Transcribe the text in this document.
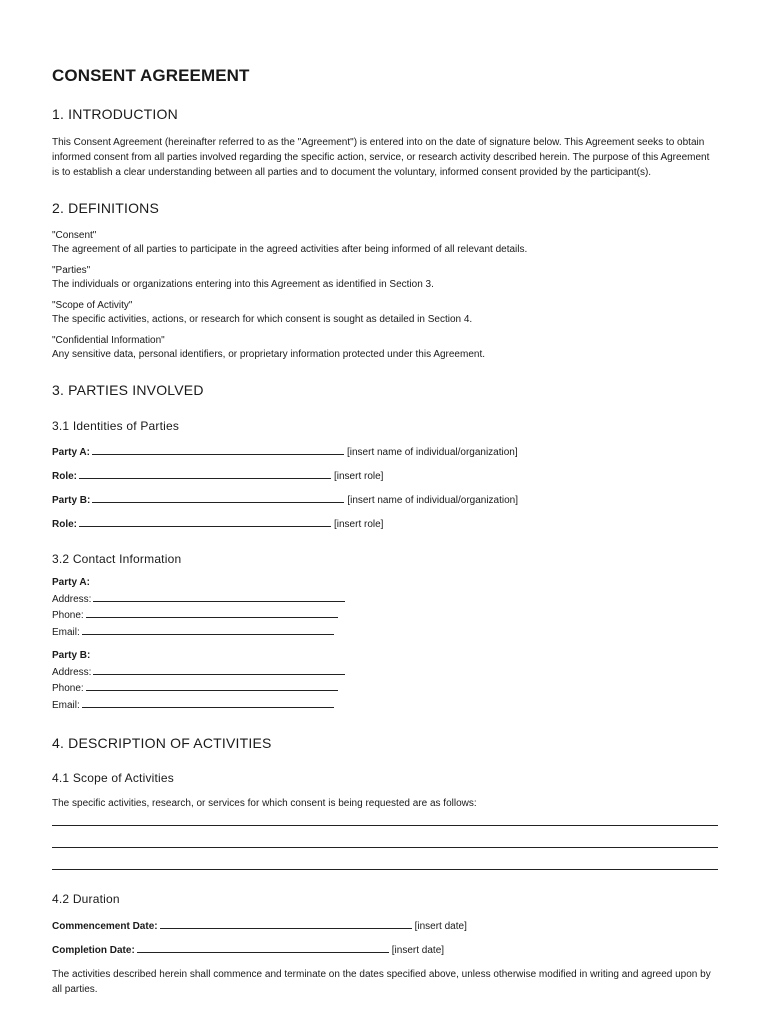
CONSENT AGREEMENT
1. INTRODUCTION

This Consent Agreement (hereinafter referred to as the "Agreement") is entered into on the date of signature below. This Agreement seeks to obtain informed consent from all parties involved regarding the specific action, service, or research activity described herein. The purpose of this Agreement is to establish a clear understanding between all parties and to document the voluntary, informed consent provided by the participant(s).

2. DEFINITIONS
"Consent"
The agreement of all parties to participate in the agreed activities after being informed of all relevant details.
"Parties"
The individuals or organizations entering into this Agreement as identified in Section 3.
"Scope of Activity"
The specific activities, actions, or research for which consent is sought as detailed in Section 4.
"Confidential Information"
Any sensitive data, personal identifiers, or proprietary information protected under this Agreement.
3. PARTIES INVOLVED
3.1 Identities of Parties
Party A:	[insert name of individual/organization]
Role:	[insert role]
Party B:	[insert name of individual/organization]
Role:	[insert role]
3.2 Contact Information
Party A:
Address:
Phone:
Email:
Party B:
Address:
Phone:
Email:
4. DESCRIPTION OF ACTIVITIES
4.1 Scope of Activities

The specific activities, research, or services for which consent is being requested are as follows:

4.2 Duration
Commencement Date:	[insert date]
Completion Date:	[insert date]

The activities described herein shall commence and terminate on the dates specified above, unless otherwise modified in writing and agreed upon by all parties.
